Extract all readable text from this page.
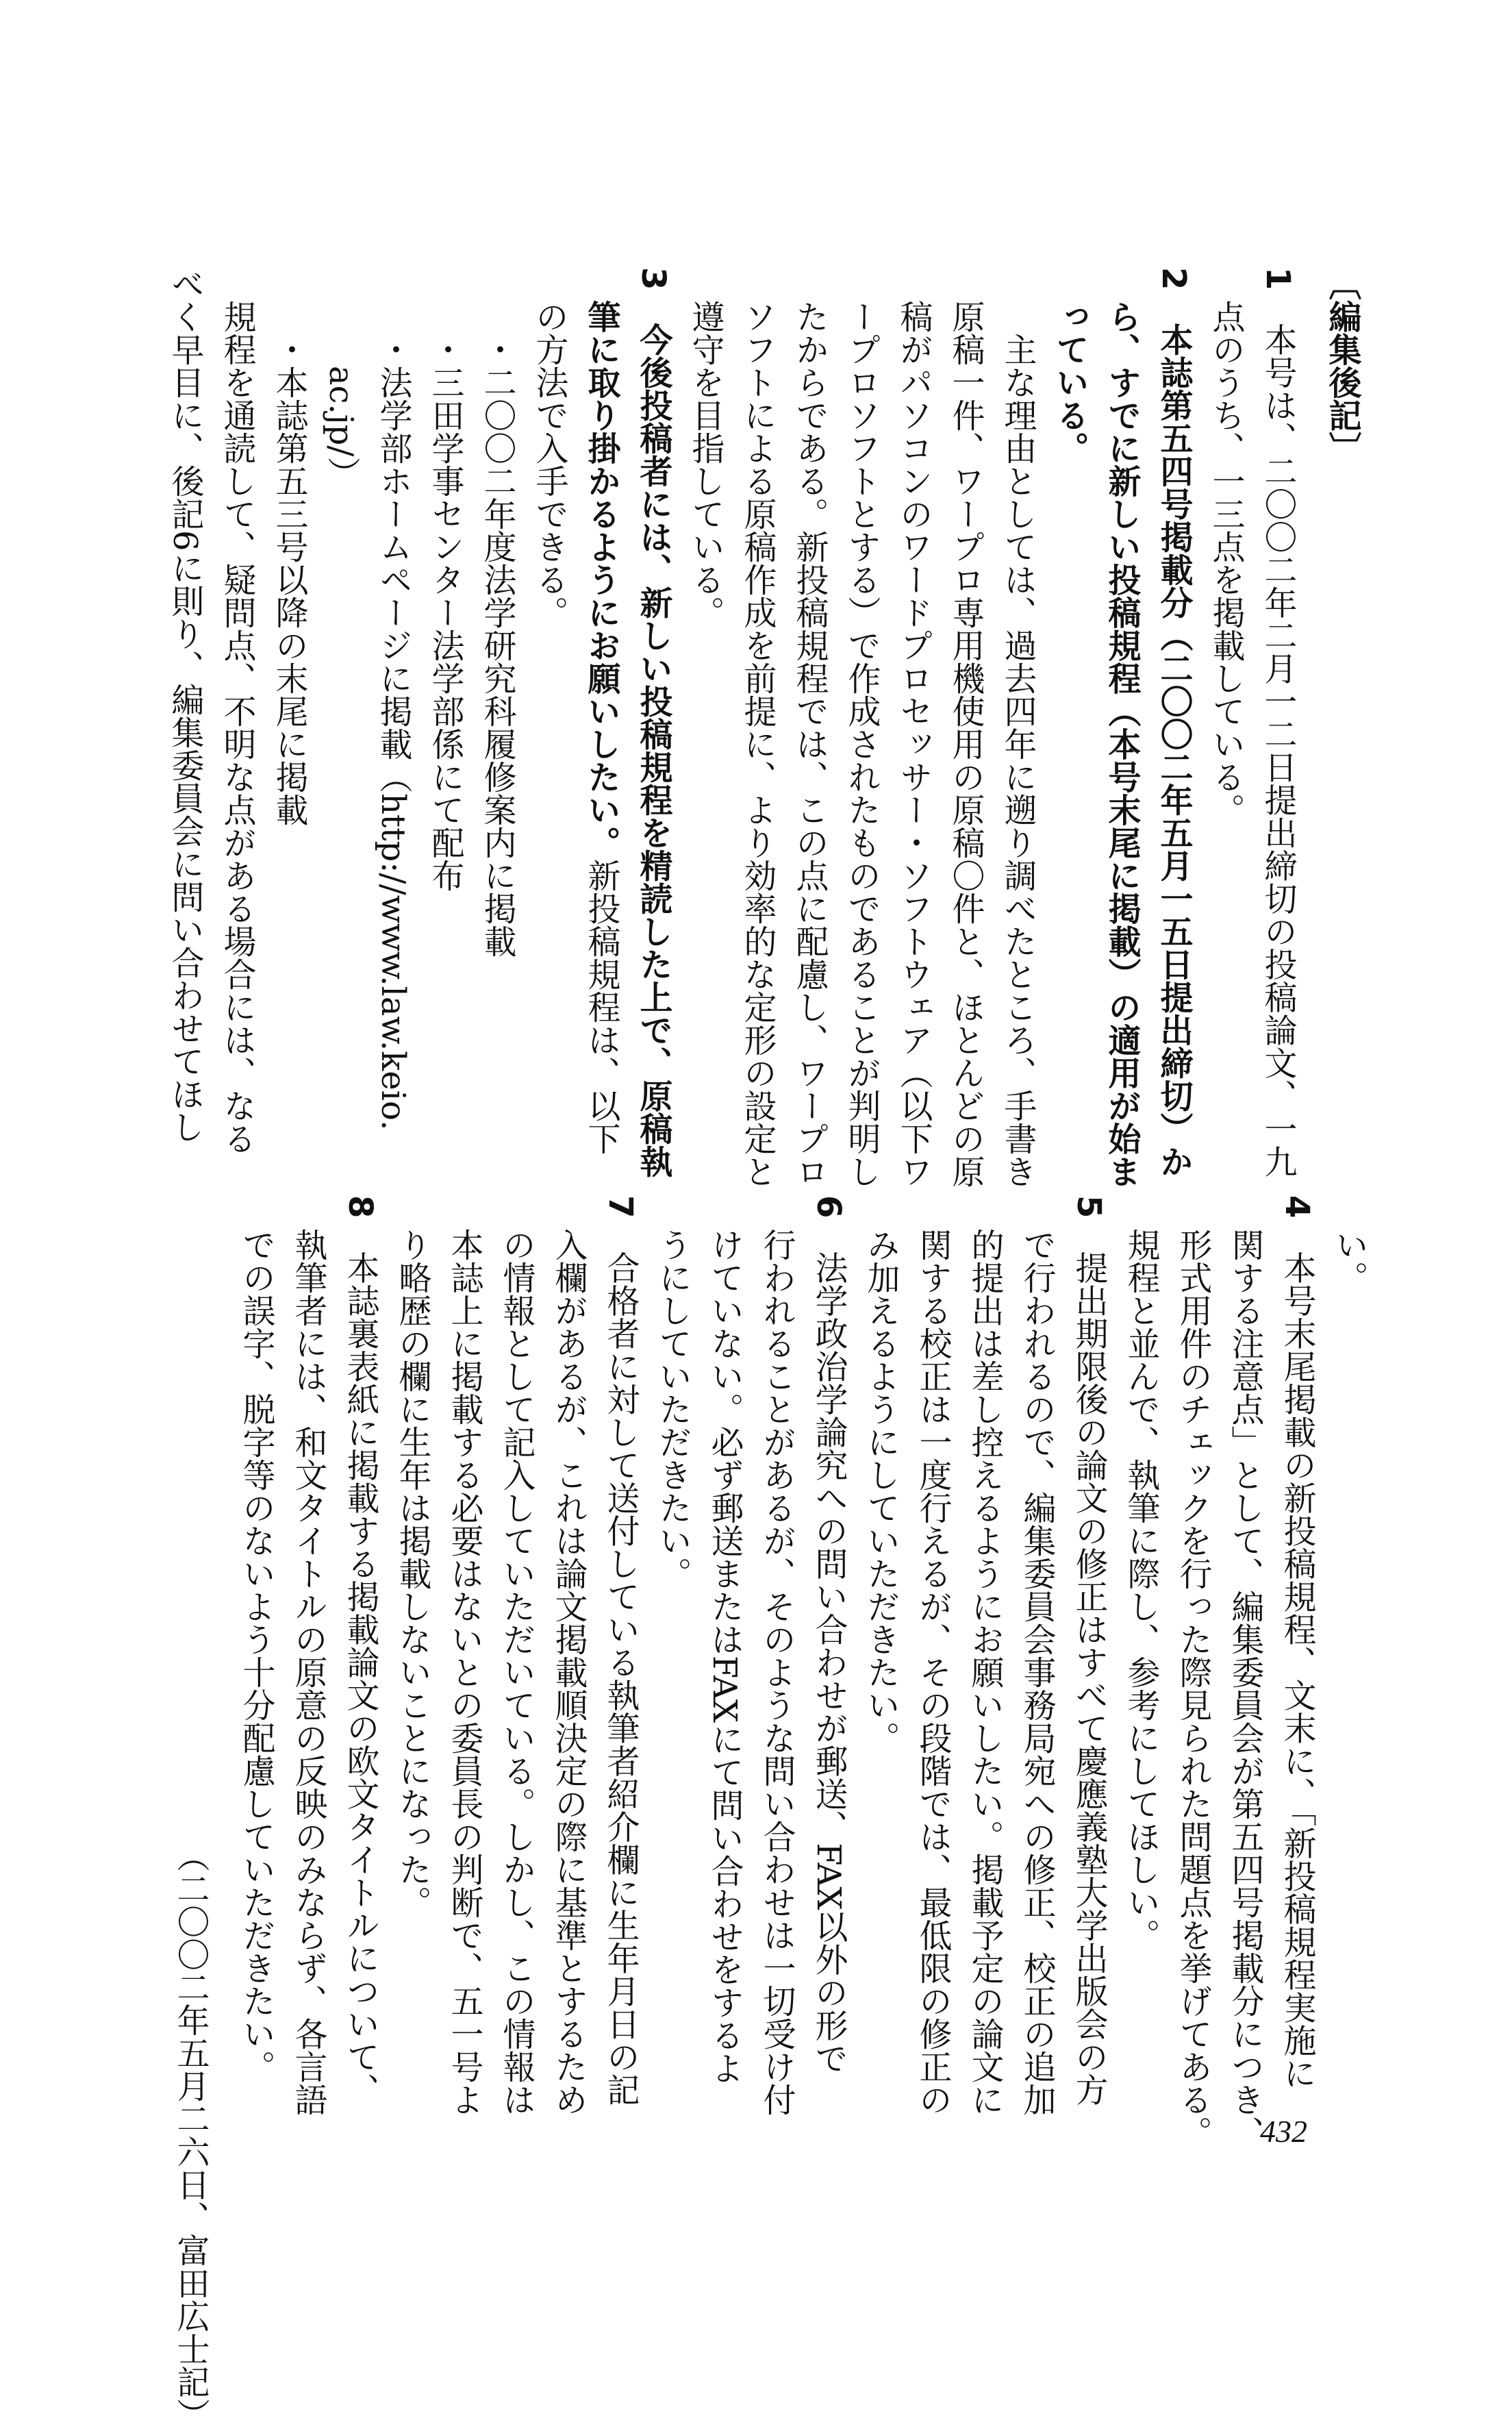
〔編集後記〕
1　本号は、二〇〇二年二月一二日提出締切の投稿論文、一九
　点のうち、一三点を掲載している。
2　本誌第五四号掲載分（二〇〇二年五月一五日提出締切）か
　ら、すでに新しい投稿規程（本号末尾に掲載）の適用が始ま
　っている。
　　主な理由としては、過去四年に遡り調べたところ、手書き
　原稿一件、ワープロ専用機使用の原稿〇件と、ほとんどの原
　稿がパソコンのワードプロセッサー・ソフトウェア（以下ワ
　ープロソフトとする）で作成されたものであることが判明し
　たからである。新投稿規程では、この点に配慮し、ワープロ
　ソフトによる原稿作成を前提に、より効率的な定形の設定と
　遵守を目指している。
3　今後投稿者には、新しい投稿規程を精読した上で、原稿執
　筆に取り掛かるようにお願いしたい。新投稿規程は、以下
　の方法で入手できる。
　　・二〇〇二年度法学研究科履修案内に掲載
　　・三田学事センター法学部係にて配布
　　・法学部ホームページに掲載（http://www.law.keio.
　　　ac.jp/）
　　・本誌第五三号以降の末尾に掲載
　規程を通読して、疑問点、不明な点がある場合には、なる
べく早目に、後記6に則り、編集委員会に問い合わせてほし
　い。
4　本号末尾掲載の新投稿規程、文末に、「新投稿規程実施に
　関する注意点」として、編集委員会が第五四号掲載分につき、
　形式用件のチェックを行った際見られた問題点を挙げてある。
　規程と並んで、執筆に際し、参考にしてほしい。
5　提出期限後の論文の修正はすべて慶應義塾大学出版会の方
　で行われるので、編集委員会事務局宛への修正、校正の追加
　的提出は差し控えるようにお願いしたい。掲載予定の論文に
　関する校正は一度行えるが、その段階では、最低限の修正の
　み加えるようにしていただきたい。
6　法学政治学論究への問い合わせが郵送、FAX以外の形で
　行われることがあるが、そのような問い合わせは一切受け付
　けていない。必ず郵送またはFAXにて問い合わせをするよ
　うにしていただきたい。
7　合格者に対して送付している執筆者紹介欄に生年月日の記
　入欄があるが、これは論文掲載順決定の際に基準とするため
　の情報として記入していただいている。しかし、この情報は
　本誌上に掲載する必要はないとの委員長の判断で、五一号よ
　り略歴の欄に生年は掲載しないことになった。
8　本誌裏表紙に掲載する掲載論文の欧文タイトルについて、
　執筆者には、和文タイトルの原意の反映のみならず、各言語
　での誤字、脱字等のないよう十分配慮していただきたい。
（二〇〇二年五月二六日、富田広士記）	432
